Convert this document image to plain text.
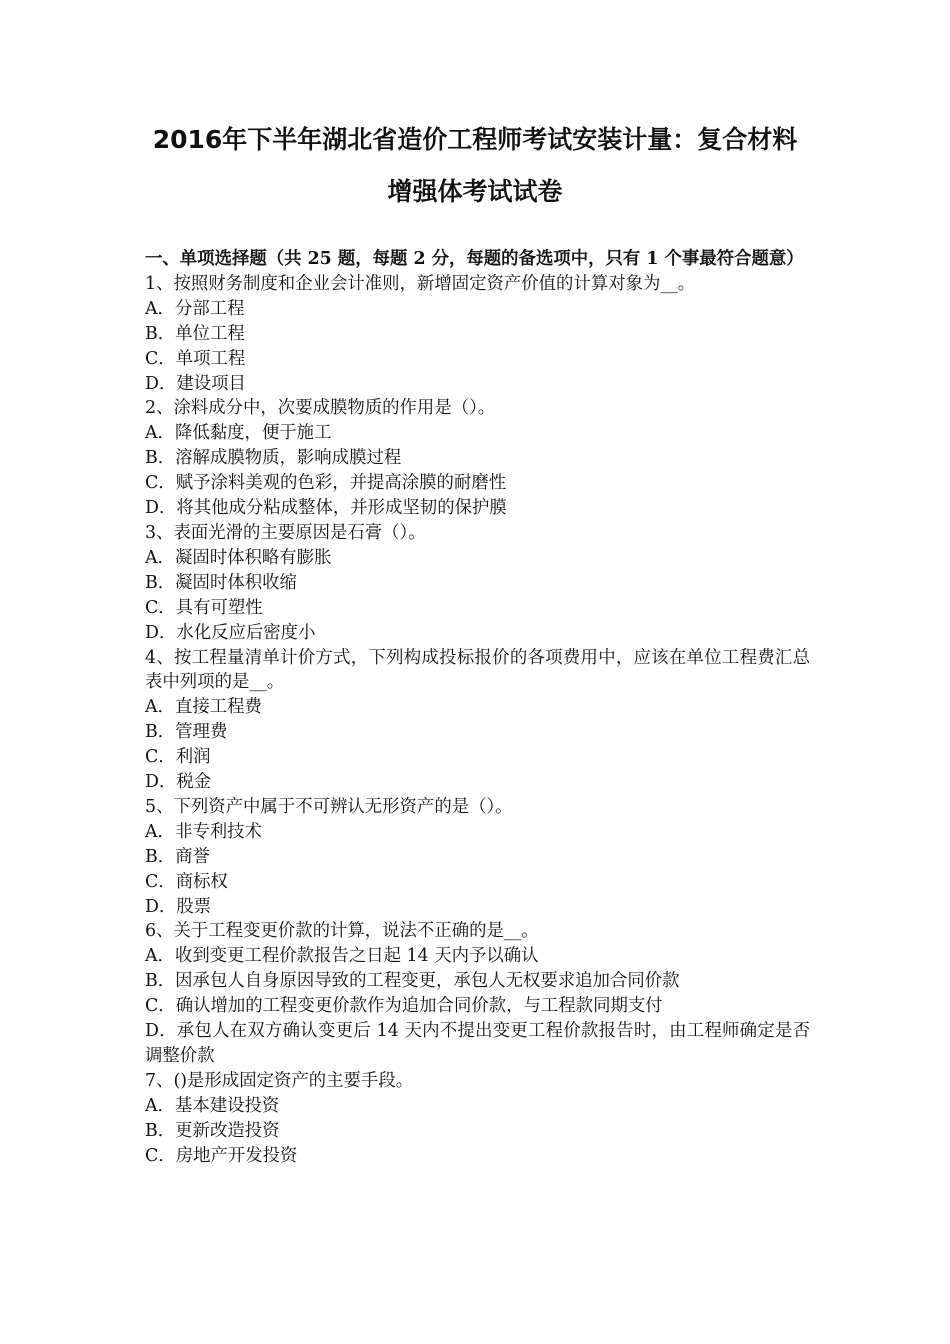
2016年下半年湖北省造价工程师考试安装计量：复合材料
增强体考试试卷
一、单项选择题（共 25 题，每题 2 分，每题的备选项中，只有 1 个事最符合题意）
1、按照财务制度和企业会计准则，新增固定资产价值的计算对象为__。
A．分部工程
B．单位工程
C．单项工程
D．建设项目
2、涂料成分中，次要成膜物质的作用是（）。
A．降低黏度，便于施工
B．溶解成膜物质，影响成膜过程
C．赋予涂料美观的色彩，并提高涂膜的耐磨性
D．将其他成分粘成整体，并形成坚韧的保护膜
3、表面光滑的主要原因是石膏（）。
A．凝固时体积略有膨胀
B．凝固时体积收缩
C．具有可塑性
D．水化反应后密度小
4、按工程量清单计价方式，下列构成投标报价的各项费用中，应该在单位工程费汇总表中列项的是__。
A．直接工程费
B．管理费
C．利润
D．税金
5、下列资产中属于不可辨认无形资产的是（）。
A．非专利技术
B．商誉
C．商标权
D．股票
6、关于工程变更价款的计算，说法不正确的是__。
A．收到变更工程价款报告之日起 14 天内予以确认
B．因承包人自身原因导致的工程变更，承包人无权要求追加合同价款
C．确认增加的工程变更价款作为追加合同价款，与工程款同期支付
D．承包人在双方确认变更后 14 天内不提出变更工程价款报告时，由工程师确定是否调整价款
7、()是形成固定资产的主要手段。
A．基本建设投资
B．更新改造投资
C．房地产开发投资
